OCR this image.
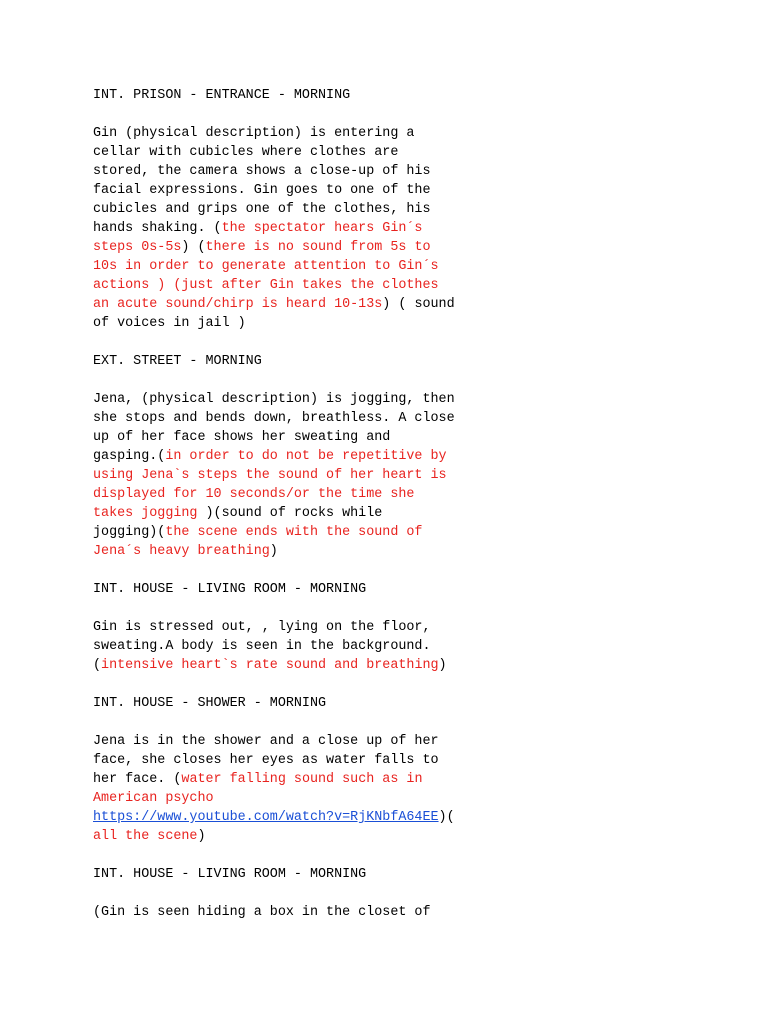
INT. PRISON - ENTRANCE - MORNING
Gin (physical description) is entering a
cellar with cubicles where clothes are
stored, the camera shows a close-up of his
facial expressions. Gin goes to one of the
cubicles and grips one of the clothes, his
hands shaking. (the spectator hears Gin´s
steps 0s-5s) (there is no sound from 5s to
10s in order to generate attention to Gin´s
actions ) (just after Gin takes the clothes
an acute sound/chirp is heard 10-13s) ( sound
of voices in jail )
EXT. STREET - MORNING
Jena, (physical description) is jogging, then
she stops and bends down, breathless. A close
up of her face shows her sweating and
gasping.(in order to do not be repetitive by
using Jena`s steps the sound of her heart is
displayed for 10 seconds/or the time she
takes jogging )(sound of rocks while
jogging)(the scene ends with the sound of
Jena´s heavy breathing)
INT. HOUSE - LIVING ROOM - MORNING
Gin is stressed out, , lying on the floor,
sweating.A body is seen in the background.
(intensive heart`s rate sound and breathing)
INT. HOUSE - SHOWER - MORNING
Jena is in the shower and a close up of her
face, she closes her eyes as water falls to
her face. (water falling sound such as in
American psycho
https://www.youtube.com/watch?v=RjKNbfA64EE)(
all the scene)
INT. HOUSE - LIVING ROOM - MORNING
(Gin is seen hiding a box in the closet of
